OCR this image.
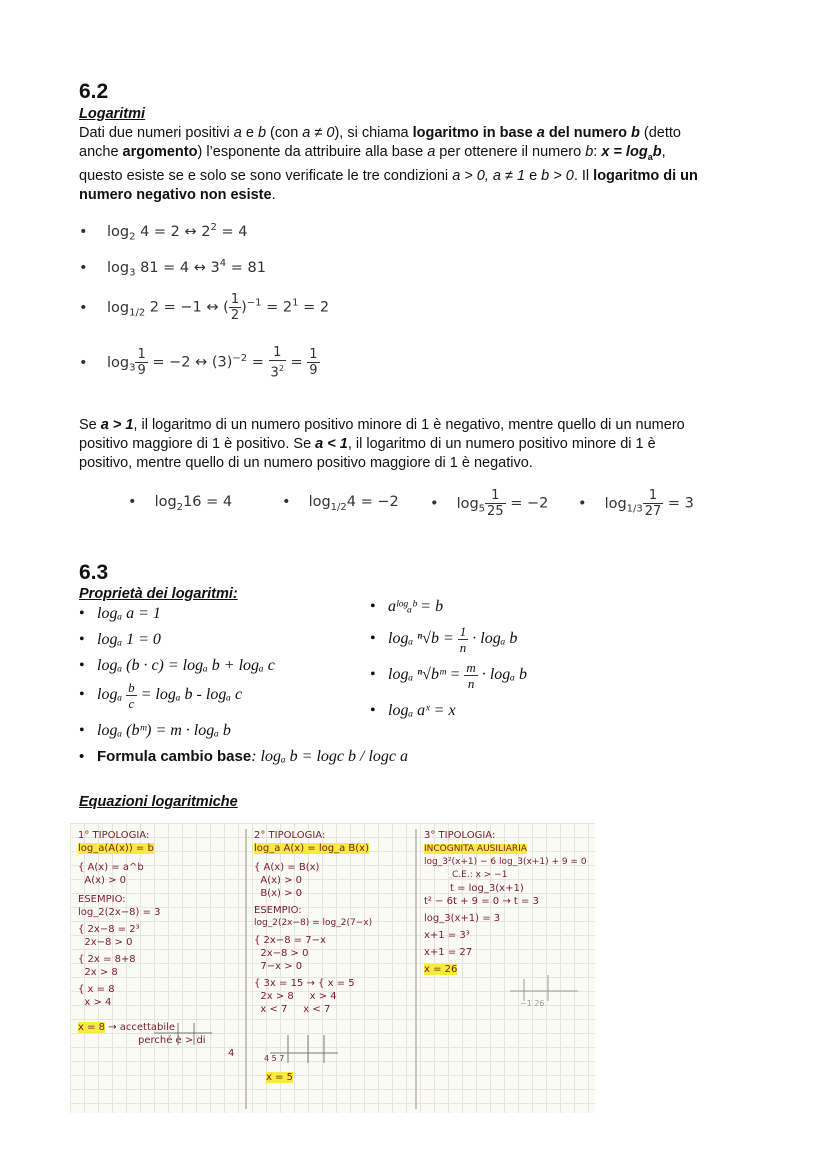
6.2
Logaritmi
Dati due numeri positivi a e b (con a ≠ 0), si chiama logaritmo in base a del numero b (detto
anche argomento) l’esponente da attribuire alla base a per ottenere il numero b: $x = \log_ab$,
questo esiste se e solo se sono verificate le tre condizioni a > 0, a ≠ 1 e b > 0. Il logaritmo di un
numero negativo non esiste.
• $\log_2 4 = 2$ ↔ $2^2 = 4$
• $\log_3 81 = 4$ ↔ $3^4 = 81$
• $\log_{1/2} 2 = -1$ ↔ ( $\frac{1}{2} )^{-1} = 2^1 = 2$
• $\log_3 \frac{1}{9} = -2$ ↔ $(3)^{-2} = \frac{1}{3^2} = \frac{1}{9}$
Se a > 1, il logaritmo di un numero positivo minore di 1 è negativo, mentre quello di un numero
positivo maggiore di 1 è positivo. Se a < 1, il logaritmo di un numero positivo minore di 1 è
positivo, mentre quello di un numero positivo maggiore di 1 è negativo.
• $\log_216 = 4$	• $\log_{1/2}4 = -2$ • $\log_5 \frac{1}{25} = -2$ • $\log_{1/3} \frac{1}{27} = 3$
6.3
Proprietà dei logaritmi:
• logₐ a = 1
• logₐ 1 = 0
• logₐ (b · c) = logₐ b + logₐ c
• logₐ $\frac{b}{c} = \log_a$ b - logₐ c
• logₐ (bᵐ) = m · logₐ b
• aˡᵒᵍₐᵇ = b
• logₐ $^n√b = \frac{1}{n} \cdot \log_a$ b
• logₐ ⁿ√bᵐ = $\frac{m}{n} \cdot \log_a$ b
• logₐ aˣ = x
• Formula cambio base: logₐ b = logc b / logc a
Equazioni logaritmiche
1° TIPOLOGIA:
log_a(A(x)) = b
{ A(x) = a^b
A(x) > 0
ESEMPIO:
log_2(2x−8) = 3
{ 2x−8 = 2³
2x−8 > 0
{ 2x = 8+8
2x > 8
{ x = 8
x > 4
x = 8 → accettabile
perché è > di
4
2° TIPOLOGIA:
log_a A(x) = log_a B(x)
{ A(x) = B(x)
A(x) > 0
B(x) > 0
ESEMPIO:
log_2(2x−8) = log_2(7−x)
{ 2x−8 = 7−x
2x−8 > 0
7−x > 0
{ 3x = 15 → { x = 5
2x > 8 x > 4
x < 7 x < 7
4 5 7
x = 5
3° TIPOLOGIA:
INCOGNITA AUSILIARIA
log_3²(x+1) − 6 log_3(x+1) + 9 = 0
C.E.: x > −1
t = log_3(x+1)
t² − 6t + 9 = 0 → t = 3
log_3(x+1) = 3
x+1 = 3³
x+1 = 27
x = 26
−1 26
